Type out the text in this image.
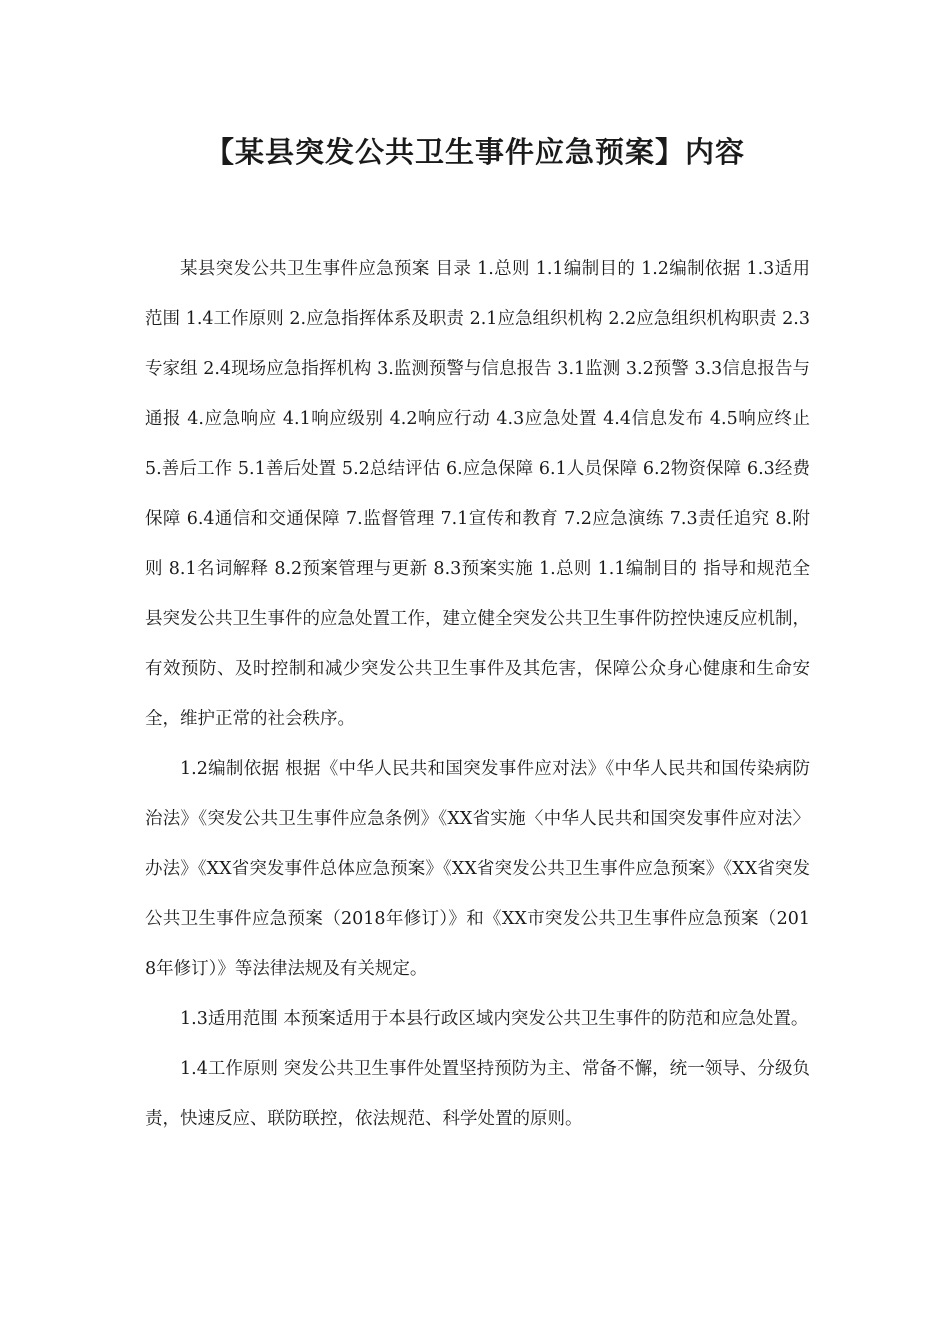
【某县突发公共卫生事件应急预案】内容

某县突发公共卫生事件应急预案 目录 1.总则 1.1编制目的 1.2编制依据 1.3适用范围 1.4工作原则 2.应急指挥体系及职责 2.1应急组织机构 2.2应急组织机构职责 2.3专家组 2.4现场应急指挥机构 3.监测预警与信息报告 3.1监测 3.2预警 3.3信息报告与通报 4.应急响应 4.1响应级别 4.2响应行动 4.3应急处置 4.4信息发布 4.5响应终止 5.善后工作 5.1善后处置 5.2总结评估 6.应急保障 6.1人员保障 6.2物资保障 6.3经费保障 6.4通信和交通保障 7.监督管理 7.1宣传和教育 7.2应急演练 7.3责任追究 8.附则 8.1名词解释 8.2预案管理与更新 8.3预案实施 1.总则 1.1编制目的 指导和规范全县突发公共卫生事件的应急处置工作，建立健全突发公共卫生事件防控快速反应机制，有效预防、及时控制和减少突发公共卫生事件及其危害，保障公众身心健康和生命安全，维护正常的社会秩序。

1.2编制依据 根据《中华人民共和国突发事件应对法》《中华人民共和国传染病防治法》《突发公共卫生事件应急条例》《XX省实施〈中华人民共和国突发事件应对法〉办法》《XX省突发事件总体应急预案》《XX省突发公共卫生事件应急预案》《XX省突发公共卫生事件应急预案（2018年修订）》和《XX市突发公共卫生事件应急预案（2018年修订）》等法律法规及有关规定。

1.3适用范围 本预案适用于本县行政区域内突发公共卫生事件的防范和应急处置。

1.4工作原则 突发公共卫生事件处置坚持预防为主、常备不懈，统一领导、分级负责，快速反应、联防联控，依法规范、科学处置的原则。
